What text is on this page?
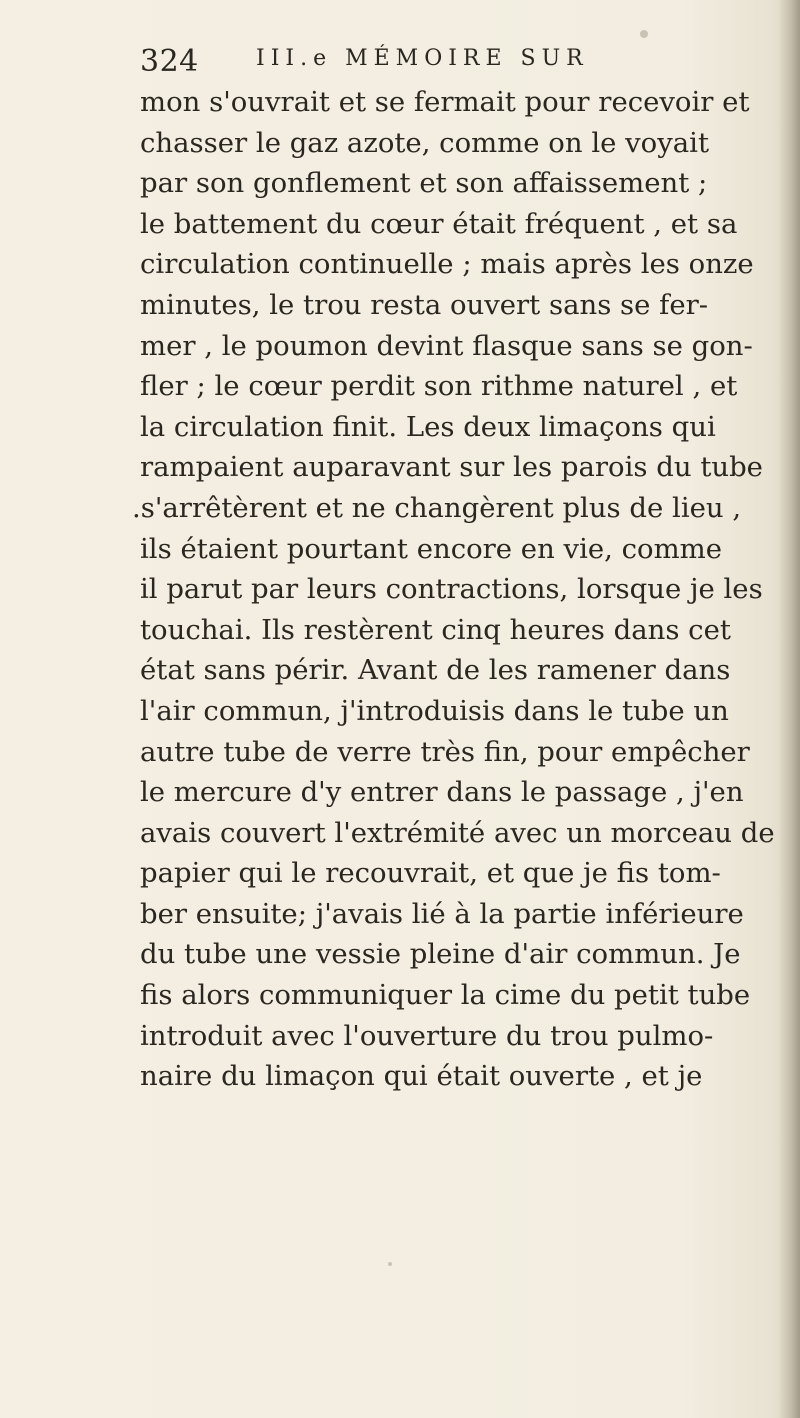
324	III.e MÉMOIRE SUR
mon s'ouvrait et se fermait pour recevoir et
chasser le gaz azote, comme on le voyait
par son gonflement et son affaissement ;
le battement du cœur était fréquent , et sa
circulation continuelle ; mais après les onze
minutes, le trou resta ouvert sans se fer-
mer , le poumon devint flasque sans se gon-
fler ; le cœur perdit son rithme naturel , et
la circulation finit. Les deux limaçons qui
rampaient auparavant sur les parois du tube
.s'arrêtèrent et ne changèrent plus de lieu ,
ils étaient pourtant encore en vie, comme
il parut par leurs contractions, lorsque je les
touchai. Ils restèrent cinq heures dans cet
état sans périr. Avant de les ramener dans
l'air commun, j'introduisis dans le tube un
autre tube de verre très fin, pour empêcher
le mercure d'y entrer dans le passage , j'en
avais couvert l'extrémité avec un morceau de
papier qui le recouvrait, et que je fis tom-
ber ensuite; j'avais lié à la partie inférieure
du tube une vessie pleine d'air commun. Je
fis alors communiquer la cime du petit tube
introduit avec l'ouverture du trou pulmo-
naire du limaçon qui était ouverte , et je
